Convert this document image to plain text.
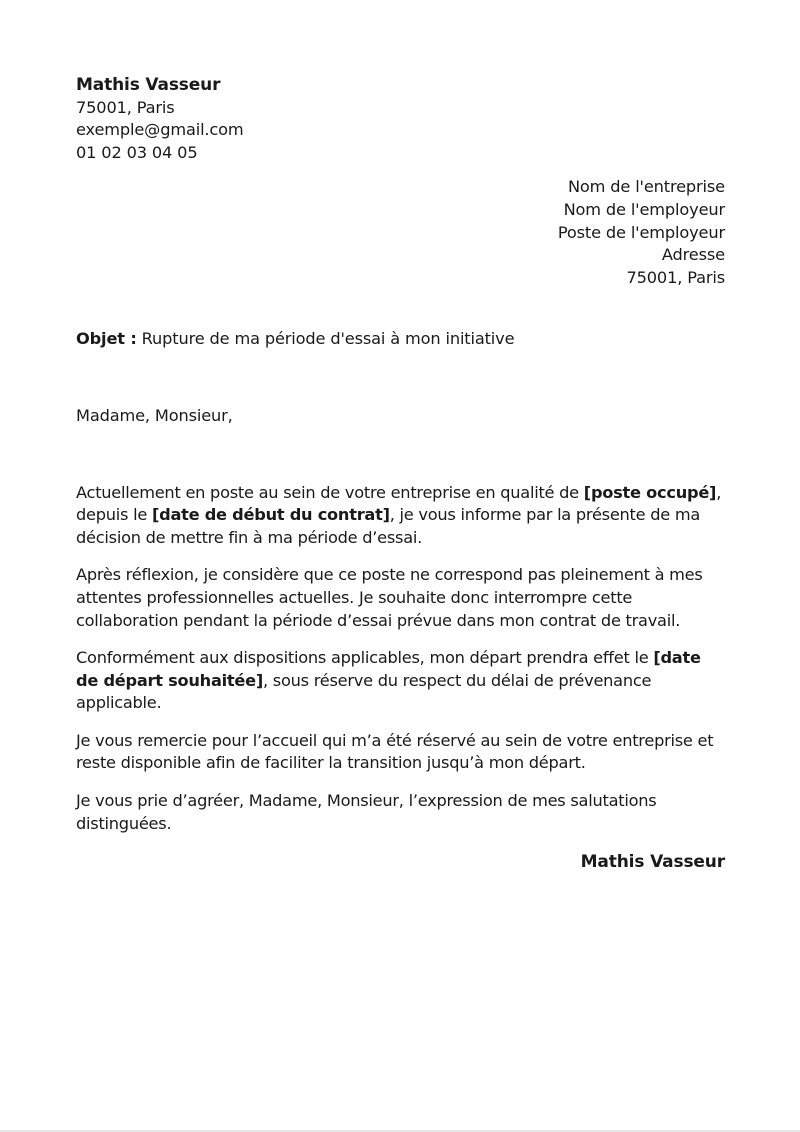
Mathis Vasseur

75001, Paris

exemple@gmail.com

01 02 03 04 05

Nom de l'entreprise
Nom de l'employeur
Poste de l'employeur
Adresse
75001, Paris
Objet : Rupture de ma période d'essai à mon initiative
Madame, Monsieur,

Actuellement en poste au sein de votre entreprise en qualité de [poste occupé], depuis le [date de début du contrat], je vous informe par la présente de ma décision de mettre fin à ma période d’essai.

Après réflexion, je considère que ce poste ne correspond pas pleinement à mes attentes professionnelles actuelles. Je souhaite donc interrompre cette collaboration pendant la période d’essai prévue dans mon contrat de travail.

Conformément aux dispositions applicables, mon départ prendra effet le [date de départ souhaitée], sous réserve du respect du délai de prévenance applicable.

Je vous remercie pour l’accueil qui m’a été réservé au sein de votre entreprise et reste disponible afin de faciliter la transition jusqu’à mon départ.

Je vous prie d’agréer, Madame, Monsieur, l’expression de mes salutations distinguées.

Mathis Vasseur
